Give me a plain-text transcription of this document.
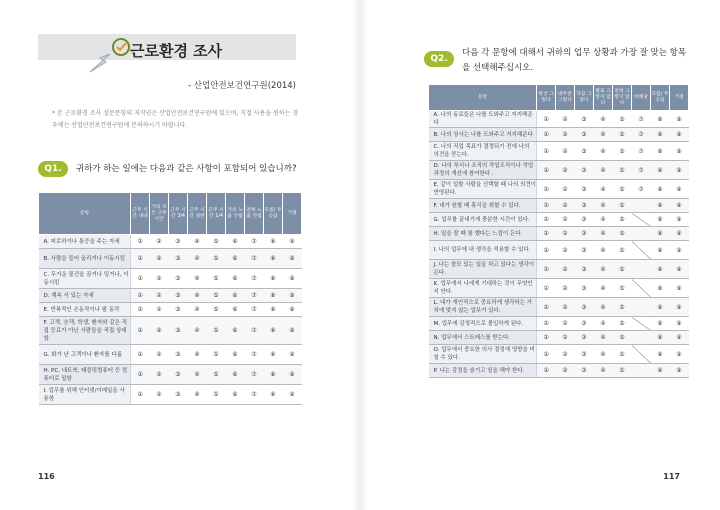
근로환경 조사
- 산업안전보건연구원(2014)
* 본 근로환경 조사 설문문항의 저작권은 산업안전보건연구원에 있으며, 직접 사용을 원하는 경우에는 산업안전보건연구원에 문의하시기 바랍니다.
Q1.	귀하가 하는 일에는 다음과 같은 사항이 포함되어 있습니까?
문항	근무 시간 내내	거의 모든 근무 시간	근무 시간 3/4	근무 시간 절반	근무 시간 1/4	거의 노출 안됨	전혀 노출 안됨	모름/ 무응답	거절
A. 피로하거나 통증을 주는 자세	①	②	③	④	⑤	⑥	⑦	⑧	⑨
B. 사람을 들어 올리거나 이동시킴	①	②	③	④	⑤	⑥	⑦	⑧	⑨
C. 무거운 물건을 끌거나 밀거나, 이동시킴	①	②	③	④	⑤	⑥	⑦	⑧	⑨
D. 계속 서 있는 자세	①	②	③	④	⑤	⑥	⑦	⑧	⑨
E. 반복적인 손동작이나 팔 동작	①	②	③	④	⑤	⑥	⑦	⑧	⑨
F. 고객, 승객, 학생, 환자와 같은 직접 등료가 아닌 사람들을 직접 상대함	①	②	③	④	⑤	⑥	⑦	⑧	⑨
G. 화가 난 고객이나 환자를 다룸	①	②	③	④	⑤	⑥	⑦	⑧	⑨
H. PC, 네트북, 태블릿컴퓨터 등 컴퓨터로 일함	①	②	③	④	⑤	⑥	⑦	⑧	⑨
I. 업무를 위해 인터넷/이메일을 사용함	①	②	③	④	⑤	⑥	⑦	⑧	⑨
116
Q2.
다음 각 문항에 대해서 귀하의 업무 상황과 가장 잘 맞는 항목을 선택해주십시오.
문항	항상 그렇다	대부분 그렇다	가끔 그렇다	별로 그렇지 않다	전혀 그렇지 않다	비해당	모름/ 무응답	거절
A. 나의 동료들은 나를 도와주고 지지해준다	①	②	③	④	⑤	⑦	⑧	⑨
B. 나의 상사는 나를 도와주고 지지해준다	①	②	③	④	⑤	⑦	⑧	⑨
C. 나의 직업 목표가 결정되기 전에 나의 의견을 묻는다.	①	②	③	④	⑤	⑦	⑧	⑨
D. 나의 부서나 조직의 작업조직이나 작업과정의 개선에 참여한다 .	①	②	③	④	⑤	⑦	⑧	⑨
E. 같이 일할 사람을 선택할 때 나의 의견이 반영된다.	①	②	③	④	⑤	⑦	⑧	⑨
F. 내가 원할 때 휴식을 취할 수 있다.	①	②	③	④	⑤		⑧	⑨
G. 업무를 끝내기에 충분한 시간이 있다.	①	②	③	④	⑤		⑧	⑨
H. 일을 잘 때 참 했다는 느낌이 든다.	①	②	③	④	⑤		⑧	⑨
I. 나의 업무에 내 생각을 적용할 수 있다.	①	②	③	④	⑤		⑧	⑨
J. 나는 쓸모 있는 일을 하고 있다는 생각이 든다.	①	②	③	④	⑤		⑧	⑨
K. 업무에서 나에게 기대하는 것이 무엇인지 안다.	①	②	③	④	⑤		⑧	⑨
L. 내가 개인적으로 중요하게 생각하는 가치에 맞지 않는 업무가 있다.	①	②	③	④	⑤		⑧	⑨
M. 업무에 감정적으로 몰입하게 된다.	①	②	③	④	⑤		⑧	⑨
N. 업무에서 스트레스를 받는다.	①	②	③	④	⑤		⑧	⑨
O. 업무에서 중요한 의사 결정에 영향을 미칠 수 있다.	①	②	③	④	⑤		⑧	⑨
P. 나는 감정을 숨기고 일을 해야 한다.	①	②	③	④	⑤		⑧	⑨
117
